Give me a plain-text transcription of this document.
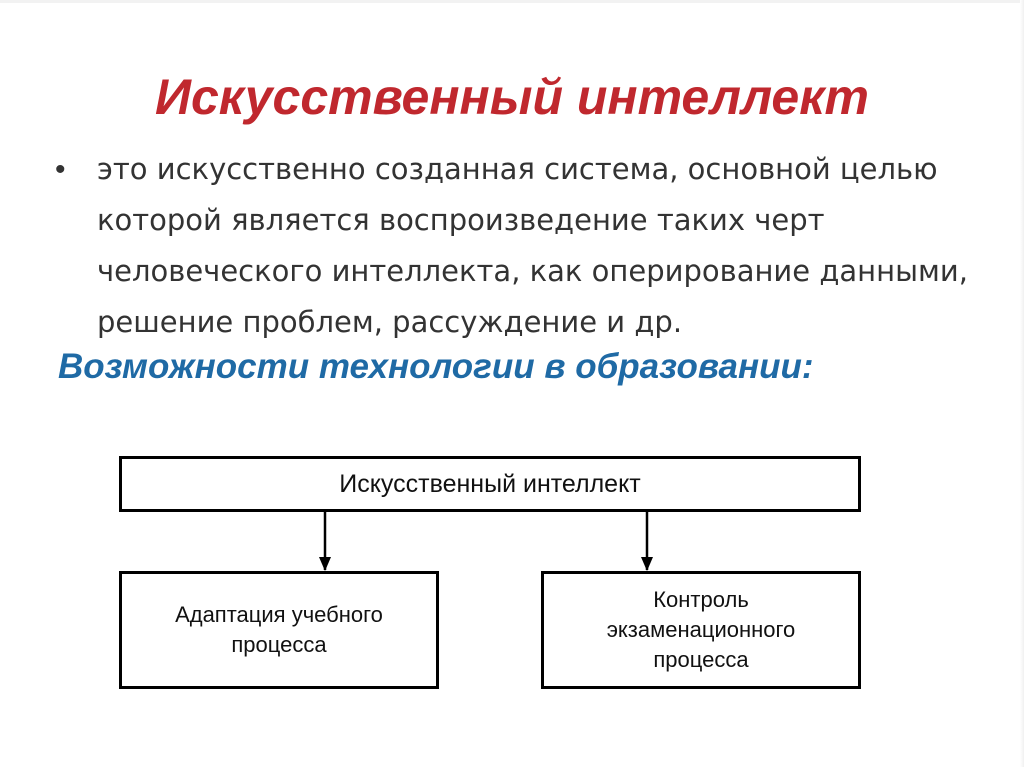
Искусственный интеллект
• это искусственно созданная система, основной целью которой является воспроизведение таких черт человеческого интеллекта, как оперирование данными, решение проблем, рассуждение и др.

Возможности технологии в образовании:
Искусственный интеллект
Адаптация учебного процесса
Контроль экзаменационного процесса
